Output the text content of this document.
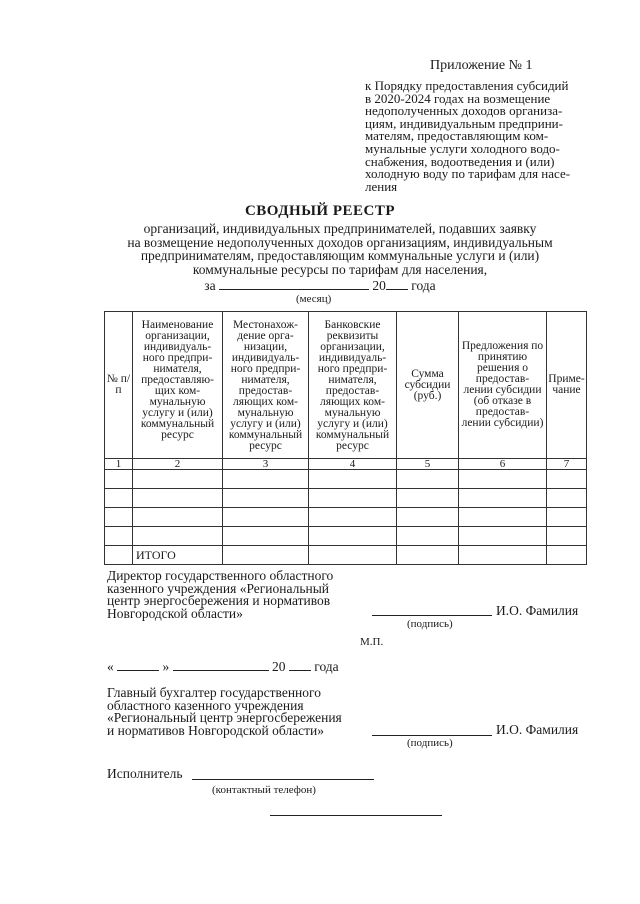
Приложение № 1
к Порядку предоставления субсидий
в 2020-2024 годах на возмещение
недополученных доходов организа-
циям, индивидуальным предприни-
мателям, предоставляющим ком-
мунальные услуги холодного водо-
снабжения, водоотведения и (или)
холодную воду по тарифам для насе-
ления
СВОДНЫЙ РЕЕСТР
организаций, индивидуальных предпринимателей, подавших заявку
на возмещение недополученных доходов организациям, индивидуальным
предпринимателям, предоставляющим коммунальные услуги и (или)
коммунальные ресурсы по тарифам для населения,
за	20 года
(месяц)
№ п/п	Наименование организации, индивидуаль- ного предпри- нимателя, предоставляю- щих ком- мунальную услугу и (или) коммунальный ресурс	Местонахож- дение орга- низации, индивидуаль- ного предпри- нимателя, предостав- ляющих ком- мунальную услугу и (или) коммунальный ресурс	Банковские реквизиты организации, индивидуаль- ного предпри- нимателя, предостав- ляющих ком- мунальную услугу и (или) коммунальный ресурс	Сумма субсидии (руб.)	Предложения по принятию решения о предостав- лении субсидии (об отказе в предостав- лении субсидии)	Приме- чание
1	2	3	4	5	6	7

	ИТОГО					
Директор государственного областного
казенного учреждения «Региональный
центр энергосбережения и нормативов
Новгородской области»	И.О. Фамилия
(подпись)
М.П.
«	»	20 года
Главный бухгалтер государственного
областного казенного учреждения
«Региональный центр энергосбережения
и нормативов Новгородской области»	И.О. Фамилия
(подпись)
Исполнитель
(контактный телефон)
